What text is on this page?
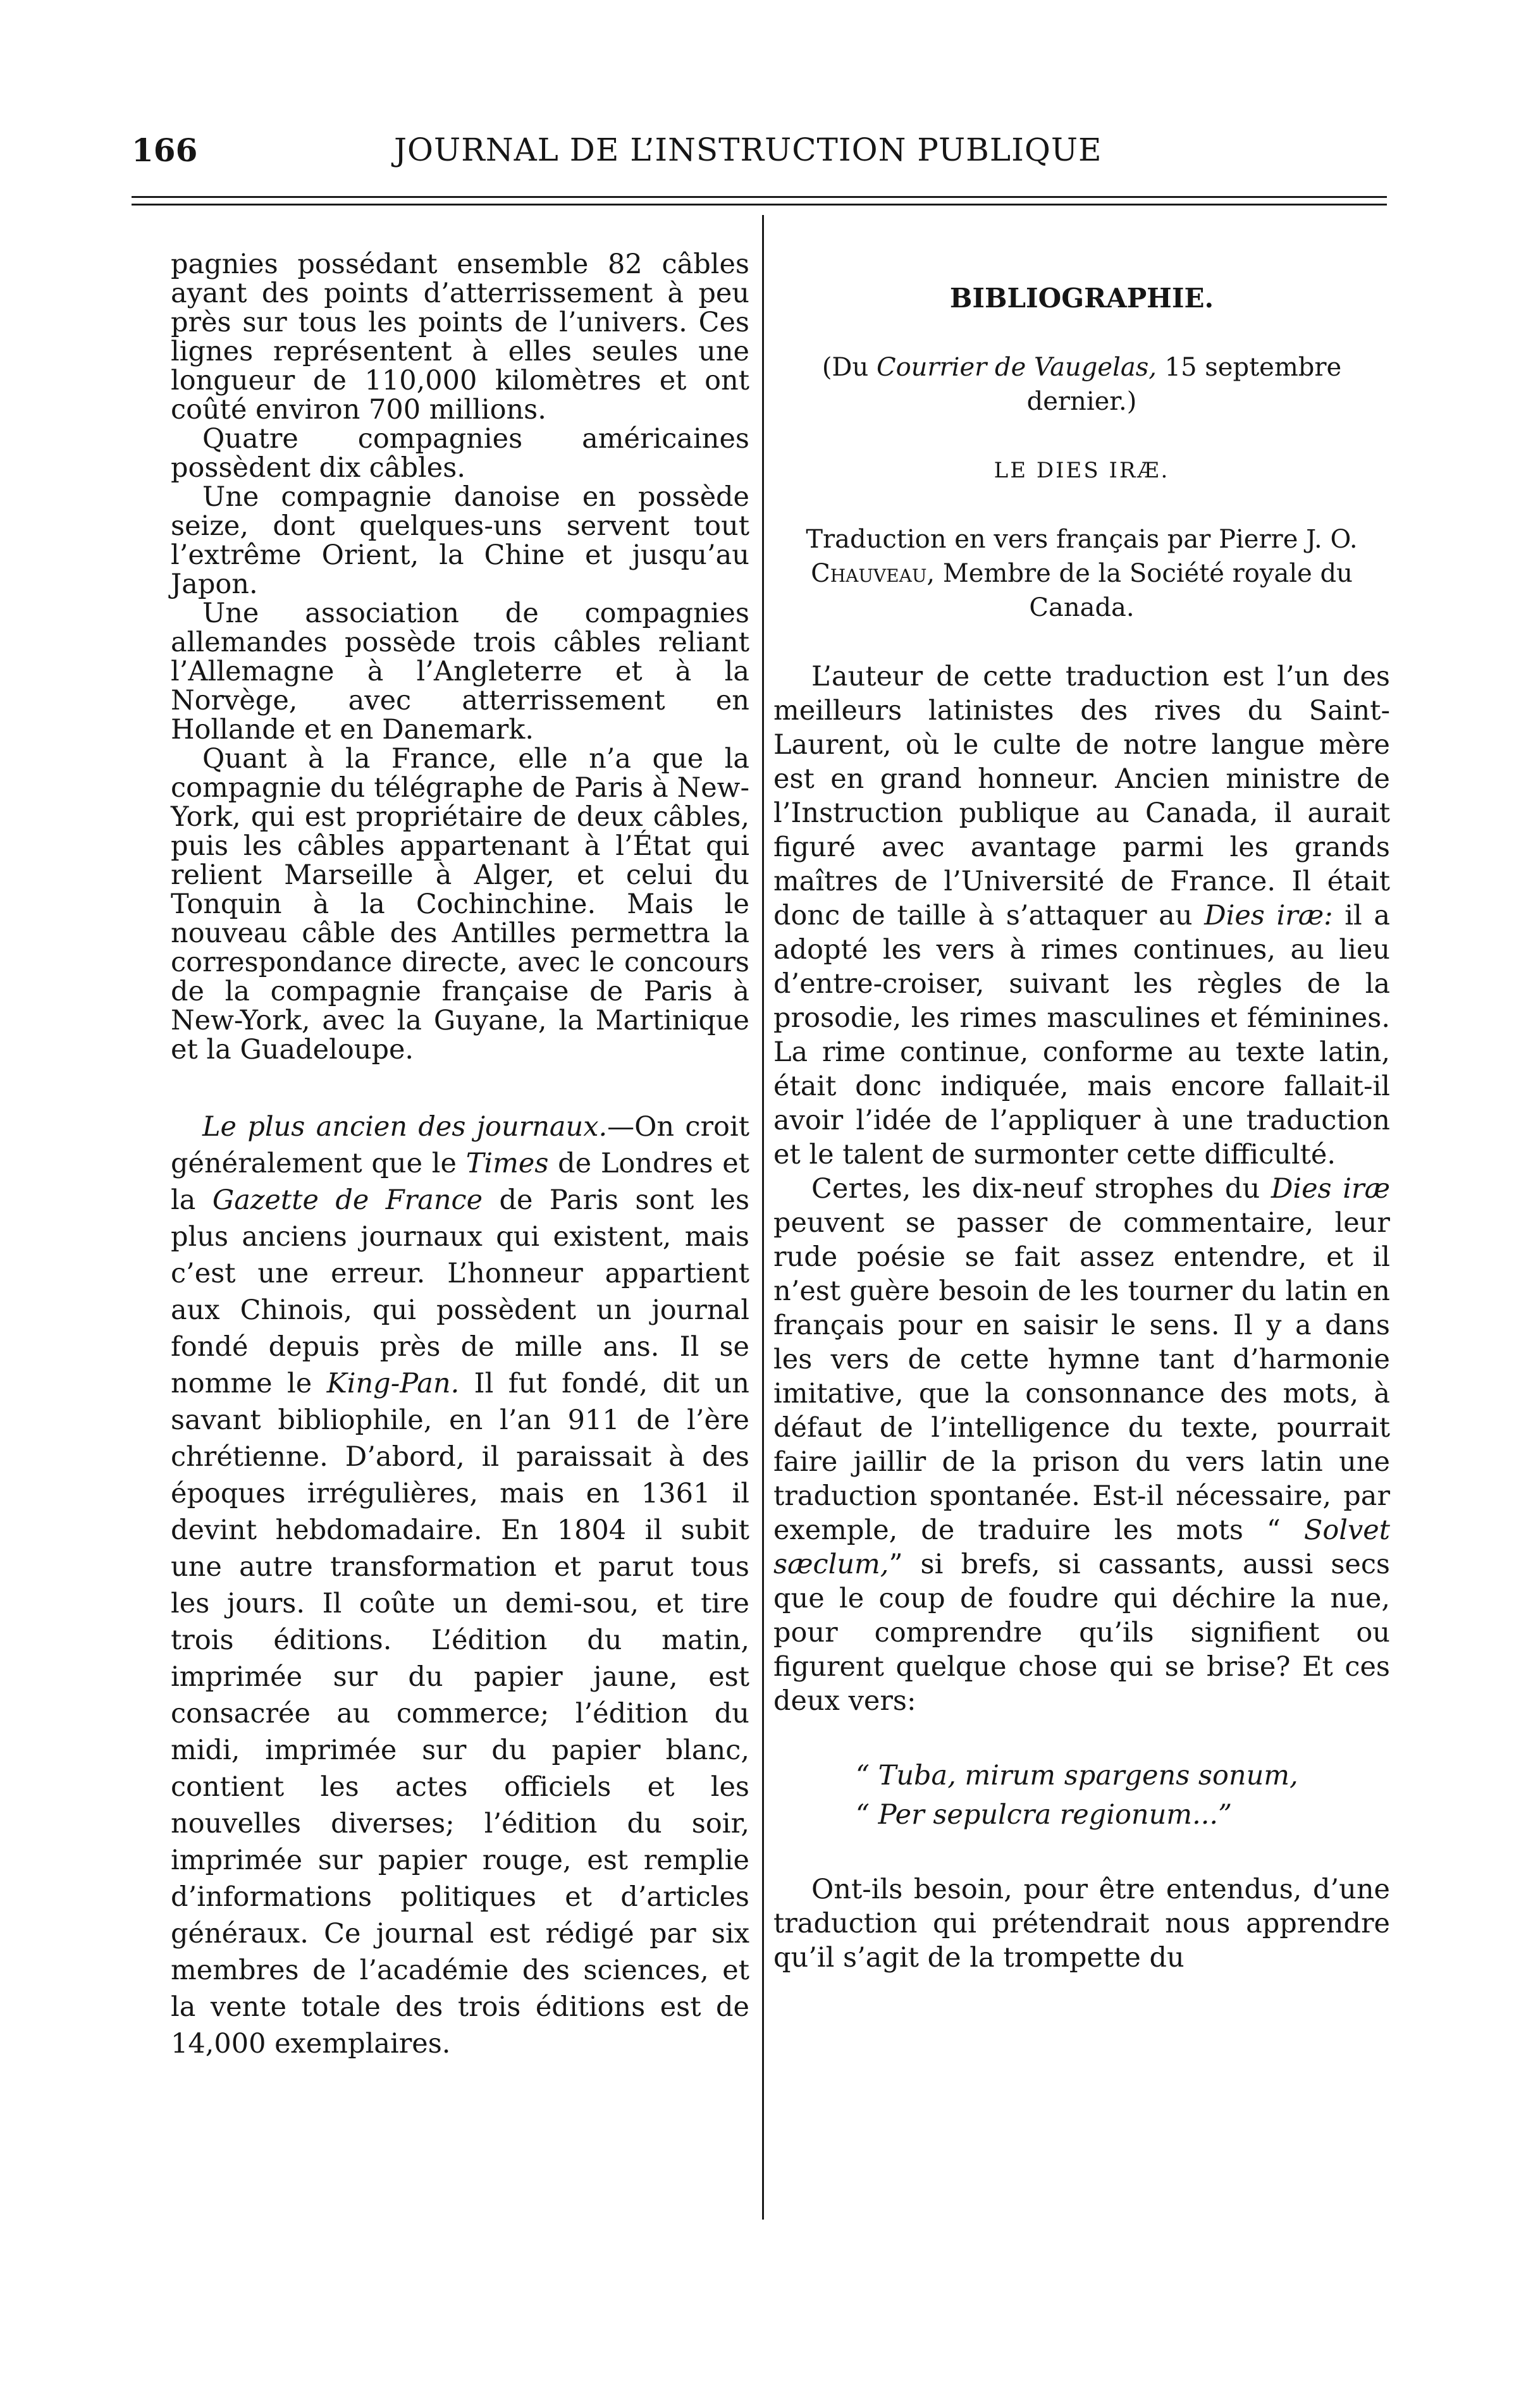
166	JOURNAL DE L’INSTRUCTION PUBLIQUE

pagnies possédant ensemble 82 câbles ayant des points d’atterrissement à peu près sur tous les points de l’univers. Ces lignes représentent à elles seules une longueur de 110,000 kilomètres et ont coûté environ 700 millions.

Quatre compagnies américaines possèdent dix câbles.

Une compagnie danoise en possède seize, dont quelques-uns servent tout l’extrême Orient, la Chine et jusqu’au Japon.

Une association de compagnies allemandes possède trois câbles reliant l’Allemagne à l’Angleterre et à la Norvège, avec atterrissement en Hollande et en Danemark.

Quant à la France, elle n’a que la compagnie du télégraphe de Paris à New-York, qui est propriétaire de deux câbles, puis les câbles appartenant à l’État qui relient Marseille à Alger, et celui du Tonquin à la Cochinchine. Mais le nouveau câble des Antilles permettra la correspondance directe, avec le concours de la compagnie française de Paris à New-York, avec la Guyane, la Martinique et la Guadeloupe.

Le plus ancien des journaux.—On croit généralement que le Times de Londres et la Gazette de France de Paris sont les plus anciens journaux qui existent, mais c’est une erreur. L’honneur appartient aux Chinois, qui possèdent un journal fondé depuis près de mille ans. Il se nomme le King-Pan. Il fut fondé, dit un savant bibliophile, en l’an 911 de l’ère chrétienne. D’abord, il paraissait à des époques irrégulières, mais en 1361 il devint hebdomadaire. En 1804 il subit une autre transformation et parut tous les jours. Il coûte un demi-sou, et tire trois éditions. L’édition du matin, imprimée sur du papier jaune, est consacrée au commerce; l’édition du midi, imprimée sur du papier blanc, contient les actes officiels et les nouvelles diverses; l’édition du soir, imprimée sur papier rouge, est remplie d’informations politiques et d’articles généraux. Ce journal est rédigé par six membres de l’académie des sciences, et la vente totale des trois éditions est de 14,000 exemplaires.

BIBLIOGRAPHIE.

(Du Courrier de Vaugelas, 15 septembre dernier.)

LE DIES IRÆ.

Traduction en vers français par Pierre J. O. Chauveau, Membre de la Société royale du Canada.

L’auteur de cette traduction est l’un des meilleurs latinistes des rives du Saint-Laurent, où le culte de notre langue mère est en grand honneur. Ancien ministre de l’Instruction publique au Canada, il aurait figuré avec avantage parmi les grands maîtres de l’Université de France. Il était donc de taille à s’attaquer au Dies iræ: il a adopté les vers à rimes continues, au lieu d’entre-croiser, suivant les règles de la prosodie, les rimes masculines et féminines. La rime continue, conforme au texte latin, était donc indiquée, mais encore fallait-il avoir l’idée de l’appliquer à une traduction et le talent de surmonter cette difficulté.

Certes, les dix-neuf strophes du Dies iræ peuvent se passer de commentaire, leur rude poésie se fait assez entendre, et il n’est guère besoin de les tourner du latin en français pour en saisir le sens. Il y a dans les vers de cette hymne tant d’harmonie imitative, que la consonnance des mots, à défaut de l’intelligence du texte, pourrait faire jaillir de la prison du vers latin une traduction spontanée. Est-il nécessaire, par exemple, de traduire les mots “ Solvet sæclum,” si brefs, si cassants, aussi secs que le coup de foudre qui déchire la nue, pour comprendre qu’ils signifient ou figurent quelque chose qui se brise? Et ces deux vers:

“ Tuba, mirum spargens sonum,
“ Per sepulcra regionum...”

Ont-ils besoin, pour être entendus, d’une traduction qui prétendrait nous apprendre qu’il s’agit de la trompette du
